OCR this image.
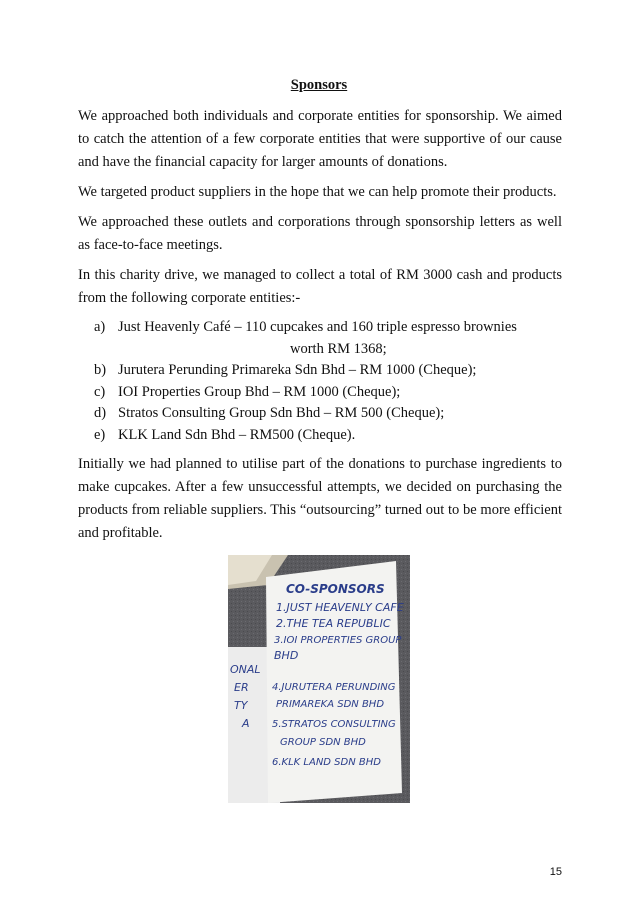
Sponsors

We approached both individuals and corporate entities for sponsorship. We aimed to catch the attention of a few corporate entities that were supportive of our cause and have the financial capacity for larger amounts of donations.

We targeted product suppliers in the hope that we can help promote their products.

We approached these outlets and corporations through sponsorship letters as well as face-to-face meetings.

In this charity drive, we managed to collect a total of RM 3000 cash and products from the following corporate entities:-

a) Just Heavenly Café – 110 cupcakes and 160 triple espresso brownies
worth RM 1368;
b) Jurutera Perunding Primareka Sdn Bhd – RM 1000 (Cheque);
c) IOI Properties Group Bhd – RM 1000 (Cheque);
d) Stratos Consulting Group Sdn Bhd – RM 500 (Cheque);
e) KLK Land Sdn Bhd – RM500 (Cheque).

Initially we had planned to utilise part of the donations to purchase ingredients to make cupcakes. After a few unsuccessful attempts, we decided on purchasing the products from reliable suppliers. This “outsourcing” turned out to be more efficient and profitable.

CO-SPONSORS
1.JUST HEAVENLY CAFE
2.THE TEA REPUBLIC
3.IOI PROPERTIES GROUP
BHD
4.JURUTERA PERUNDING
PRIMAREKA SDN BHD
5.STRATOS CONSULTING
GROUP SDN BHD
6.KLK LAND SDN BHD
ONAL
ER
TY
A
15
